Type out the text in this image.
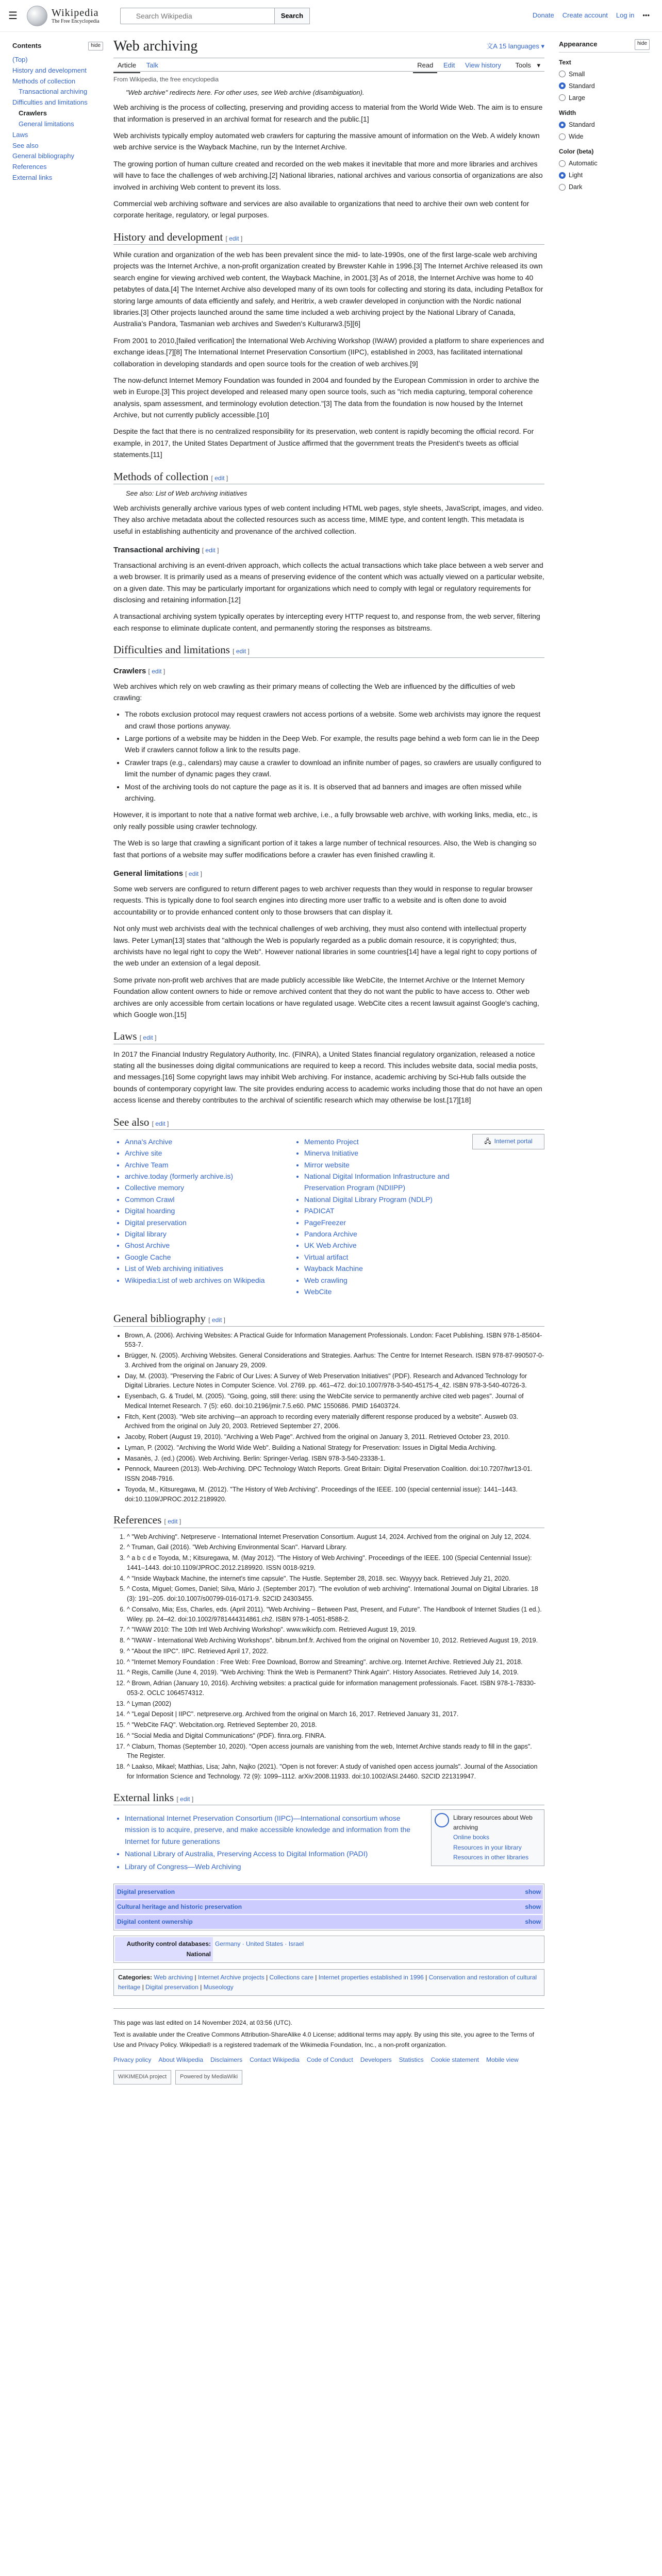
☰	Wikipedia
The Free Encyclopedia
Search Wikipedia
Search	Donate Create account Log in •••
Contents	hide
(Top)
History and development
Methods of collection
Transactional archiving
Difficulties and limitations
Crawlers
General limitations
Laws
See also
General bibliography
References
External links
Web archiving	文A 15 languages ▾
Article Talk	Read Edit View history Tools ▾
From Wikipedia, the free encyclopedia
"Web archive" redirects here. For other uses, see Web archive (disambiguation).

Web archiving is the process of collecting, preserving and providing access to material from the World Wide Web. The aim is to ensure that information is preserved in an archival format for research and the public.[1]

Web archivists typically employ automated web crawlers for capturing the massive amount of information on the Web. A widely known web archive service is the Wayback Machine, run by the Internet Archive.

The growing portion of human culture created and recorded on the web makes it inevitable that more and more libraries and archives will have to face the challenges of web archiving.[2] National libraries, national archives and various consortia of organizations are also involved in archiving Web content to prevent its loss.

Commercial web archiving software and services are also available to organizations that need to archive their own web content for corporate heritage, regulatory, or legal purposes.

History and development [ edit ]

While curation and organization of the web has been prevalent since the mid- to late-1990s, one of the first large-scale web archiving projects was the Internet Archive, a non-profit organization created by Brewster Kahle in 1996.[3] The Internet Archive released its own search engine for viewing archived web content, the Wayback Machine, in 2001.[3] As of 2018, the Internet Archive was home to 40 petabytes of data.[4] The Internet Archive also developed many of its own tools for collecting and storing its data, including PetaBox for storing large amounts of data efficiently and safely, and Heritrix, a web crawler developed in conjunction with the Nordic national libraries.[3] Other projects launched around the same time included a web archiving project by the National Library of Canada, Australia's Pandora, Tasmanian web archives and Sweden's Kulturarw3.[5][6]

From 2001 to 2010,[failed verification] the International Web Archiving Workshop (IWAW) provided a platform to share experiences and exchange ideas.[7][8] The International Internet Preservation Consortium (IIPC), established in 2003, has facilitated international collaboration in developing standards and open source tools for the creation of web archives.[9]

The now-defunct Internet Memory Foundation was founded in 2004 and founded by the European Commission in order to archive the web in Europe.[3] This project developed and released many open source tools, such as "rich media capturing, temporal coherence analysis, spam assessment, and terminology evolution detection."[3] The data from the foundation is now housed by the Internet Archive, but not currently publicly accessible.[10]

Despite the fact that there is no centralized responsibility for its preservation, web content is rapidly becoming the official record. For example, in 2017, the United States Department of Justice affirmed that the government treats the President's tweets as official statements.[11]

Methods of collection [ edit ]
See also: List of Web archiving initiatives

Web archivists generally archive various types of web content including HTML web pages, style sheets, JavaScript, images, and video. They also archive metadata about the collected resources such as access time, MIME type, and content length. This metadata is useful in establishing authenticity and provenance of the archived collection.

Transactional archiving [ edit ]

Transactional archiving is an event-driven approach, which collects the actual transactions which take place between a web server and a web browser. It is primarily used as a means of preserving evidence of the content which was actually viewed on a particular website, on a given date. This may be particularly important for organizations which need to comply with legal or regulatory requirements for disclosing and retaining information.[12]

A transactional archiving system typically operates by intercepting every HTTP request to, and response from, the web server, filtering each response to eliminate duplicate content, and permanently storing the responses as bitstreams.

Difficulties and limitations [ edit ]
Crawlers [ edit ]

Web archives which rely on web crawling as their primary means of collecting the Web are influenced by the difficulties of web crawling:

• The robots exclusion protocol may request crawlers not access portions of a website. Some web archivists may ignore the request and crawl those portions anyway.
• Large portions of a website may be hidden in the Deep Web. For example, the results page behind a web form can lie in the Deep Web if crawlers cannot follow a link to the results page.
• Crawler traps (e.g., calendars) may cause a crawler to download an infinite number of pages, so crawlers are usually configured to limit the number of dynamic pages they crawl.
• Most of the archiving tools do not capture the page as it is. It is observed that ad banners and images are often missed while archiving.

However, it is important to note that a native format web archive, i.e., a fully browsable web archive, with working links, media, etc., is only really possible using crawler technology.

The Web is so large that crawling a significant portion of it takes a large number of technical resources. Also, the Web is changing so fast that portions of a website may suffer modifications before a crawler has even finished crawling it.

General limitations [ edit ]

Some web servers are configured to return different pages to web archiver requests than they would in response to regular browser requests. This is typically done to fool search engines into directing more user traffic to a website and is often done to avoid accountability or to provide enhanced content only to those browsers that can display it.

Not only must web archivists deal with the technical challenges of web archiving, they must also contend with intellectual property laws. Peter Lyman[13] states that "although the Web is popularly regarded as a public domain resource, it is copyrighted; thus, archivists have no legal right to copy the Web". However national libraries in some countries[14] have a legal right to copy portions of the web under an extension of a legal deposit.

Some private non-profit web archives that are made publicly accessible like WebCite, the Internet Archive or the Internet Memory Foundation allow content owners to hide or remove archived content that they do not want the public to have access to. Other web archives are only accessible from certain locations or have regulated usage. WebCite cites a recent lawsuit against Google's caching, which Google won.[15]

Laws [ edit ]

In 2017 the Financial Industry Regulatory Authority, Inc. (FINRA), a United States financial regulatory organization, released a notice stating all the businesses doing digital communications are required to keep a record. This includes website data, social media posts, and messages.[16] Some copyright laws may inhibit Web archiving. For instance, academic archiving by Sci-Hub falls outside the bounds of contemporary copyright law. The site provides enduring access to academic works including those that do not have an open access license and thereby contributes to the archival of scientific research which may otherwise be lost.[17][18]

See also [ edit ]
• Anna's Archive
• Archive site
• Archive Team
• archive.today (formerly archive.is)
• Collective memory
• Common Crawl
• Digital hoarding
• Digital preservation
• Digital library
• Ghost Archive
• Google Cache
• List of Web archiving initiatives
• Wikipedia:List of web archives on Wikipedia
• Memento Project
• Minerva Initiative
• Mirror website
• National Digital Information Infrastructure and Preservation Program (NDIIPP)
• National Digital Library Program (NDLP)
• PADICAT
• PageFreezer
• Pandora Archive
• UK Web Archive
• Virtual artifact
• Wayback Machine
• Web crawling
• WebCite
🖧 Internet portal
General bibliography [ edit ]
• Brown, A. (2006). Archiving Websites: A Practical Guide for Information Management Professionals. London: Facet Publishing. ISBN 978-1-85604-553-7.
• Brügger, N. (2005). Archiving Websites. General Considerations and Strategies. Aarhus: The Centre for Internet Research. ISBN 978-87-990507-0-3. Archived from the original on January 29, 2009.
• Day, M. (2003). "Preserving the Fabric of Our Lives: A Survey of Web Preservation Initiatives" (PDF). Research and Advanced Technology for Digital Libraries. Lecture Notes in Computer Science. Vol. 2769. pp. 461–472. doi:10.1007/978-3-540-45175-4_42. ISBN 978-3-540-40726-3.
• Eysenbach, G. & Trudel, M. (2005). "Going, going, still there: using the WebCite service to permanently archive cited web pages". Journal of Medical Internet Research. 7 (5): e60. doi:10.2196/jmir.7.5.e60. PMC 1550686. PMID 16403724.
• Fitch, Kent (2003). "Web site archiving—an approach to recording every materially different response produced by a website". Ausweb 03. Archived from the original on July 20, 2003. Retrieved September 27, 2006.
• Jacoby, Robert (August 19, 2010). "Archiving a Web Page". Archived from the original on January 3, 2011. Retrieved October 23, 2010.
• Lyman, P. (2002). "Archiving the World Wide Web". Building a National Strategy for Preservation: Issues in Digital Media Archiving.
• Masanès, J. (ed.) (2006). Web Archiving. Berlin: Springer-Verlag. ISBN 978-3-540-23338-1.
• Pennock, Maureen (2013). Web-Archiving. DPC Technology Watch Reports. Great Britain: Digital Preservation Coalition. doi:10.7207/twr13-01. ISSN 2048-7916.
• Toyoda, M., Kitsuregawa, M. (2012). "The History of Web Archiving". Proceedings of the IEEE. 100 (special centennial issue): 1441–1443. doi:10.1109/JPROC.2012.2189920.
References [ edit ]
1. ^ "Web Archiving". Netpreserve - International Internet Preservation Consortium. August 14, 2024. Archived from the original on July 12, 2024.
2. ^ Truman, Gail (2016). "Web Archiving Environmental Scan". Harvard Library.
3. ^ a b c d e Toyoda, M.; Kitsuregawa, M. (May 2012). "The History of Web Archiving". Proceedings of the IEEE. 100 (Special Centennial Issue): 1441–1443. doi:10.1109/JPROC.2012.2189920. ISSN 0018-9219.
4. ^ "Inside Wayback Machine, the internet's time capsule". The Hustle. September 28, 2018. sec. Wayyyy back. Retrieved July 21, 2020.
5. ^ Costa, Miguel; Gomes, Daniel; Silva, Mário J. (September 2017). "The evolution of web archiving". International Journal on Digital Libraries. 18 (3): 191–205. doi:10.1007/s00799-016-0171-9. S2CID 24303455.
6. ^ Consalvo, Mia; Ess, Charles, eds. (April 2011). "Web Archiving – Between Past, Present, and Future". The Handbook of Internet Studies (1 ed.). Wiley. pp. 24–42. doi:10.1002/9781444314861.ch2. ISBN 978-1-4051-8588-2.
7. ^ "IWAW 2010: The 10th Intl Web Archiving Workshop". www.wikicfp.com. Retrieved August 19, 2019.
8. ^ "IWAW - International Web Archiving Workshops". bibnum.bnf.fr. Archived from the original on November 10, 2012. Retrieved August 19, 2019.
9. ^ "About the IIPC". IIPC. Retrieved April 17, 2022.
10. ^ "Internet Memory Foundation : Free Web: Free Download, Borrow and Streaming". archive.org. Internet Archive. Retrieved July 21, 2018.
11. ^ Regis, Camille (June 4, 2019). "Web Archiving: Think the Web is Permanent? Think Again". History Associates. Retrieved July 14, 2019.
12. ^ Brown, Adrian (January 10, 2016). Archiving websites: a practical guide for information management professionals. Facet. ISBN 978-1-78330-053-2. OCLC 1064574312.
13. ^ Lyman (2002)
14. ^ "Legal Deposit | IIPC". netpreserve.org. Archived from the original on March 16, 2017. Retrieved January 31, 2017.
15. ^ "WebCite FAQ". Webcitation.org. Retrieved September 20, 2018.
16. ^ "Social Media and Digital Communications" (PDF). finra.org. FINRA.
17. ^ Claburn, Thomas (September 10, 2020). "Open access journals are vanishing from the web, Internet Archive stands ready to fill in the gaps". The Register.
18. ^ Laakso, Mikael; Matthias, Lisa; Jahn, Najko (2021). "Open is not forever: A study of vanished open access journals". Journal of the Association for Information Science and Technology. 72 (9): 1099–1112. arXiv:2008.11933. doi:10.1002/ASI.24460. S2CID 221319947.
External links [ edit ]
• International Internet Preservation Consortium (IIPC)—International consortium whose mission is to acquire, preserve, and make accessible knowledge and information from the Internet for future generations
• National Library of Australia, Preserving Access to Digital Information (PADI)
• Library of Congress—Web Archiving
Library resources about Web archiving
Online books
Resources in your library
Resources in other libraries
Digital preservation	show
Cultural heritage and historic preservation	show
Digital content ownership	show
Authority control databases: National
Germany · United States · Israel
Categories: Web archiving | Internet Archive projects | Collections care | Internet properties established in 1996 | Conservation and restoration of cultural heritage | Digital preservation | Museology

This page was last edited on 14 November 2024, at 03:56 (UTC).

Text is available under the Creative Commons Attribution-ShareAlike 4.0 License; additional terms may apply. By using this site, you agree to the Terms of Use and Privacy Policy. Wikipedia® is a registered trademark of the Wikimedia Foundation, Inc., a non-profit organization.

Privacy policy About Wikipedia Disclaimers Contact Wikipedia Code of Conduct Developers Statistics Cookie statement Mobile view
WIKIMEDIA project	Powered by MediaWiki
Appearance	hide
Text
Small
Standard
Large
Width
Standard
Wide
Color (beta)
Automatic
Light
Dark
